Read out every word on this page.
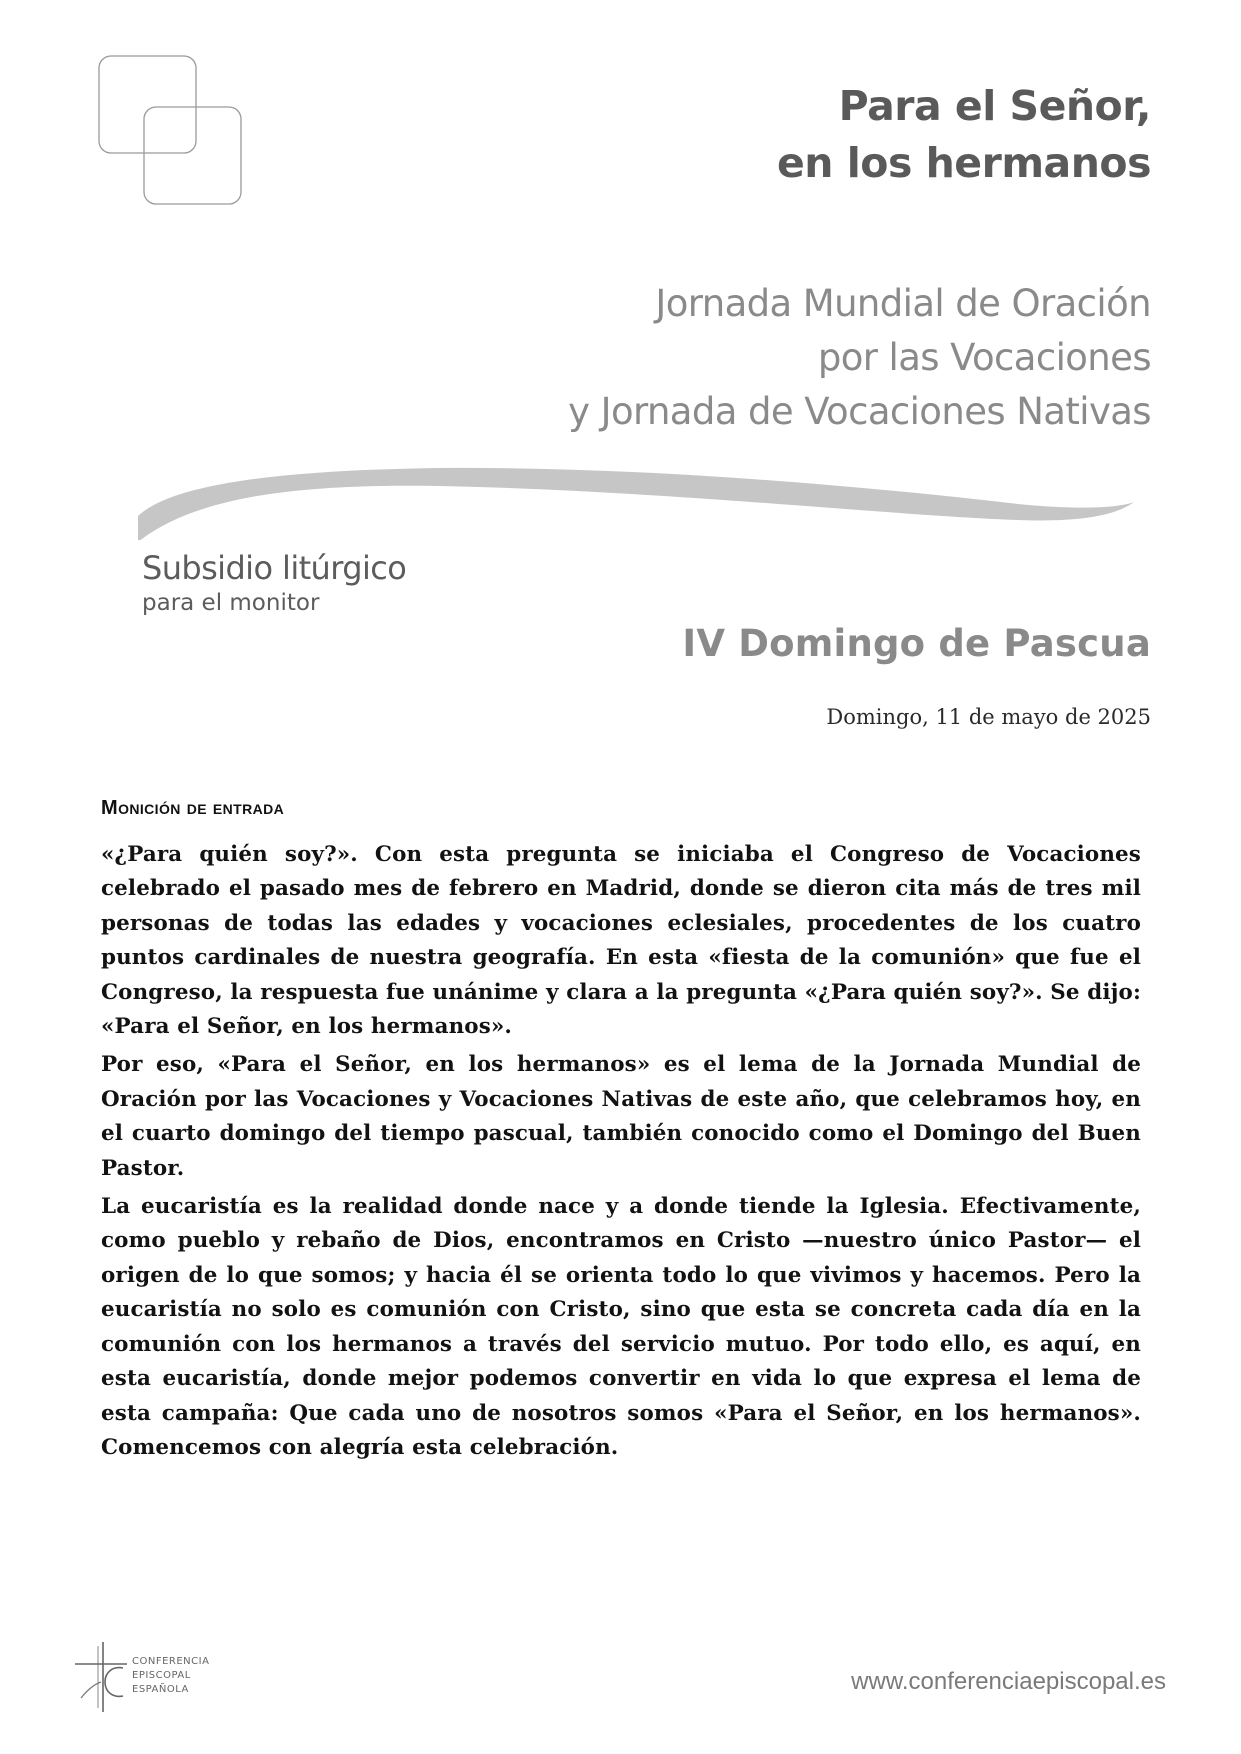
Para el Señor,
en los hermanos
Jornada Mundial de Oración
por las Vocaciones
y Jornada de Vocaciones Nativas
Subsidio litúrgico
para el monitor
IV Domingo de Pascua
Domingo, 11 de mayo de 2025
Monición de entrada

«¿Para quién soy?». Con esta pregunta se iniciaba el Congreso de Vocaciones celebrado el pasado mes de febrero en Madrid, donde se dieron cita más de tres mil personas de todas las edades y vocaciones eclesiales, procedentes de los cuatro puntos cardinales de nuestra geografía. En esta «fiesta de la comunión» que fue el Congreso, la respuesta fue unánime y clara a la pregunta «¿Para quién soy?». Se dijo: «Para el Señor, en los hermanos».

Por eso, «Para el Señor, en los hermanos» es el lema de la Jornada Mundial de Oración por las Vocaciones y Vocaciones Nativas de este año, que celebramos hoy, en el cuarto domingo del tiempo pascual, también conocido como el Domingo del Buen Pastor.

La eucaristía es la realidad donde nace y a donde tiende la Iglesia. Efectivamente, como pueblo y rebaño de Dios, encontramos en Cristo —nuestro único Pastor— el origen de lo que somos; y hacia él se orienta todo lo que vivimos y hacemos. Pero la eucaristía no solo es comunión con Cristo, sino que esta se concreta cada día en la comunión con los hermanos a través del servicio mutuo. Por todo ello, es aquí, en esta eucaristía, donde mejor podemos convertir en vida lo que expresa el lema de esta campaña: Que cada uno de nosotros somos «Para el Señor, en los hermanos». Comencemos con alegría esta celebración.

CONFERENCIA
EPISCOPAL
ESPAÑOLA	www.conferenciaepiscopal.es
